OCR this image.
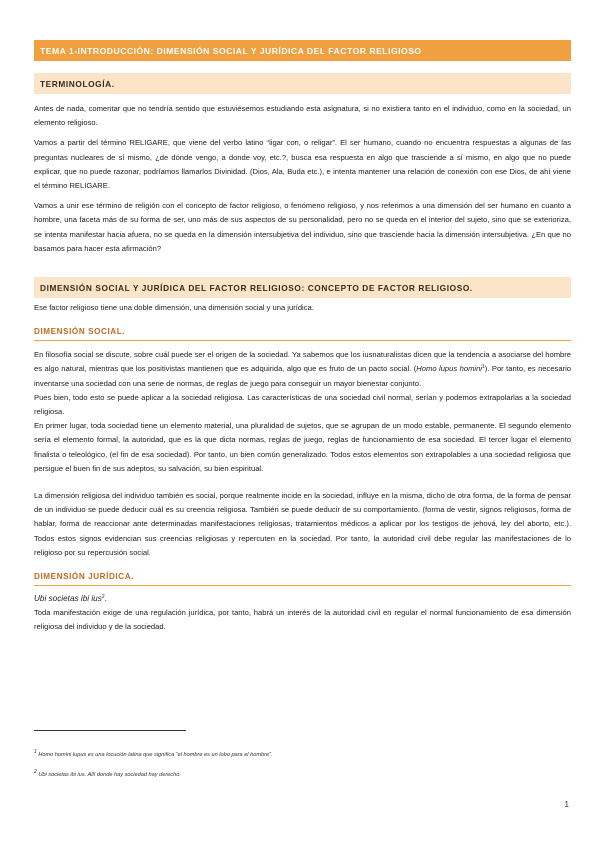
TEMA 1-INTRODUCCIÓN: DIMENSIÓN SOCIAL Y JURÍDICA DEL FACTOR RELIGIOSO
TERMINOLOGÍA.

Antes de nada, comentar que no tendría sentido que estuviésemos estudiando esta asignatura, si no existiera tanto en el individuo, como en la sociedad, un elemento religioso.

Vamos a partir del término RELIGARE, que viene del verbo latino “ligar con, o religar”. El ser humano, cuando no encuentra respuestas a algunas de las preguntas nucleares de sí mismo, ¿de dónde vengo, a donde voy, etc.?, busca esa respuesta en algo que trasciende a sí mismo, en algo que no puede explicar, que no puede razonar, podríamos llamarlos Divinidad. (Dios, Ala, Buda etc.), e intenta mantener una relación de conexión con ese Dios, de ahí viene el término RELIGARE.

Vamos a unir ese término de religión con el concepto de factor religioso, o fenómeno religioso, y nos referimos a una dimensión del ser humano en cuanto a hombre, una faceta más de su forma de ser, uno más de sus aspectos de su personalidad, pero no se queda en el interior del sujeto, sino que se exterioriza, se intenta manifestar hacia afuera, no se queda en la dimensión intersubjetiva del individuo, sino que trasciende hacia la dimensión intersubjetiva. ¿En que no basamos para hacer esta afirmación?

DIMENSIÓN SOCIAL Y JURÍDICA DEL FACTOR RELIGIOSO: CONCEPTO DE FACTOR RELIGIOSO.

Ese factor religioso tiene una doble dimensión, una dimensión social y una jurídica.

DIMENSIÓN SOCIAL.

En filosofía social se discute, sobre cuál puede ser el origen de la sociedad. Ya sabemos que los iusnaturalistas dicen que la tendencia a asociarse del hombre es algo natural, mientras que los positivistas mantienen que es adquirida, algo que es fruto de un pacto social. (Homo lupus homini$^1$). Por tanto, es necesario inventarse una sociedad con una serie de normas, de reglas de juego para conseguir un mayor bienestar conjunto.

Pues bien, todo esto se puede aplicar a la sociedad religiosa. Las características de una sociedad civil normal, serían y podemos extrapolarlas a la sociedad religiosa.

En primer lugar, toda sociedad tiene un elemento material, una pluralidad de sujetos, que se agrupan de un modo estable, permanente. El segundo elemento sería el elemento formal, la autoridad, que es la que dicta normas, reglas de juego, reglas de funcionamiento de esa sociedad. El tercer lugar el elemento finalista o teleológico, (el fin de esa sociedad). Por tanto, un bien común generalizado. Todos estos elementos son extrapolables a una sociedad religiosa que persigue el buen fin de sus adeptos, su salvación, su bien espiritual.

La dimensión religiosa del individuo también es social, porque realmente incide en la sociedad, influye en la misma, dicho de otra forma, de la forma de pensar de un individuo se puede deducir cuál es su creencia religiosa. También se puede deducir de su comportamiento. (forma de vestir, signos religiosos, forma de hablar, forma de reaccionar ante determinadas manifestaciones religiosas, tratamientos médicos a aplicar por los testigos de jehová, ley del aborto, etc.). Todos estos signos evidencian sus creencias religiosas y repercuten en la sociedad. Por tanto, la autoridad civil debe regular las manifestaciones de lo religioso por su repercusión social.

DIMENSIÓN JURÍDICA.

Ubi societas ibi ius$^2$.

Toda manifestación exige de una regulación jurídica, por tanto, habrá un interés de la autoridad civil en regular el normal funcionamiento de esa dimensión religiosa del individuo y de la sociedad.

$^1$ Homo homini lupus es una locución latina que significa “el hombre es un lobo para el hombre”.
$^2$ Ubi societas ibi ius. Allí donde hay sociedad hay derecho.
1
